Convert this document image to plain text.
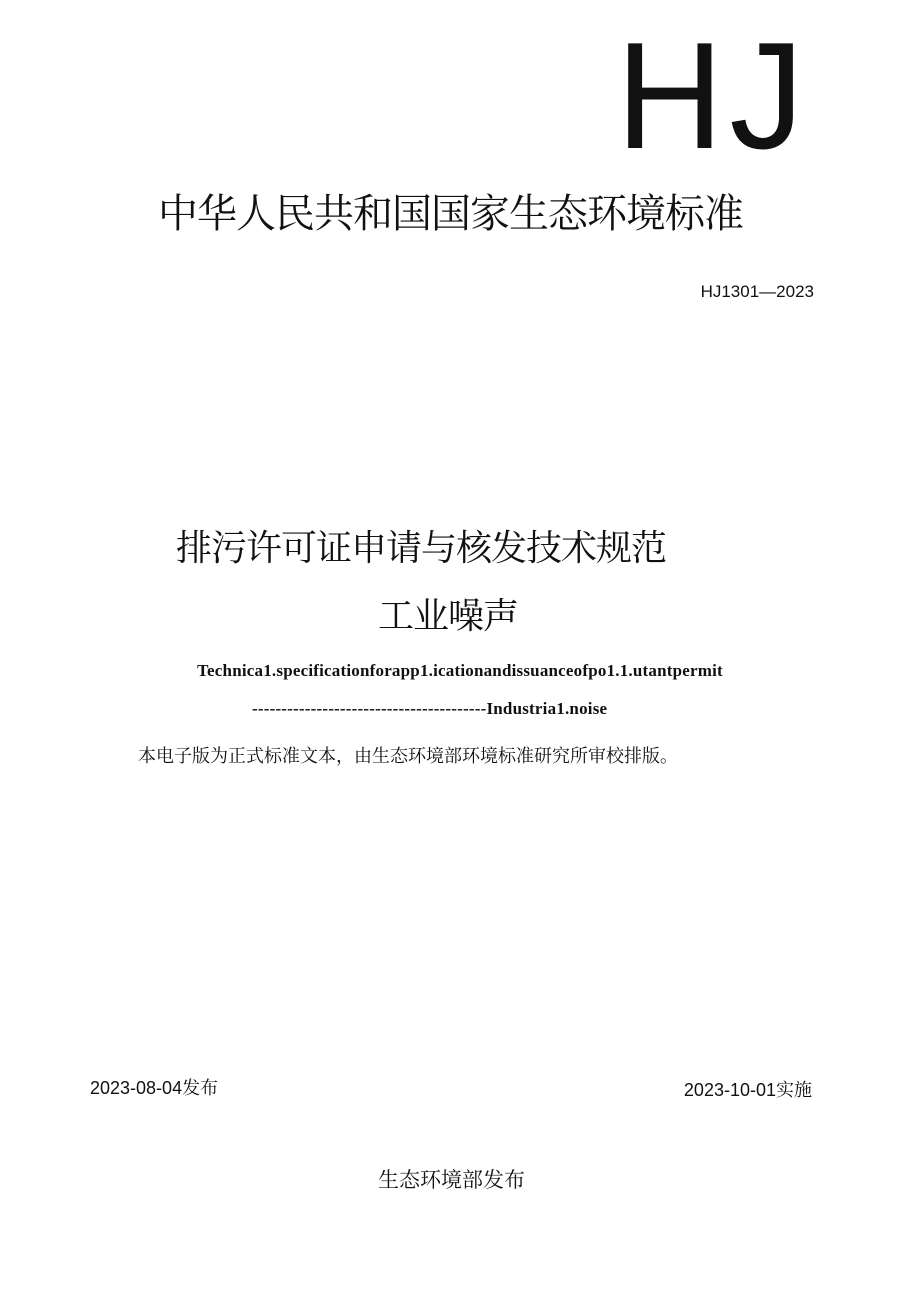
HJ
中华人民共和国国家生态环境标准
HJ1301—2023
排污许可证申请与核发技术规范
工业噪声
Technica1.specificationforapp1.icationandissuanceofpo1.1.utantpermit
----------------------------------------Industria1.noise
本电子版为正式标准文本，由生态环境部环境标准研究所审校排版。
2023-08-04发布	2023-10-01实施
生态环境部发布
